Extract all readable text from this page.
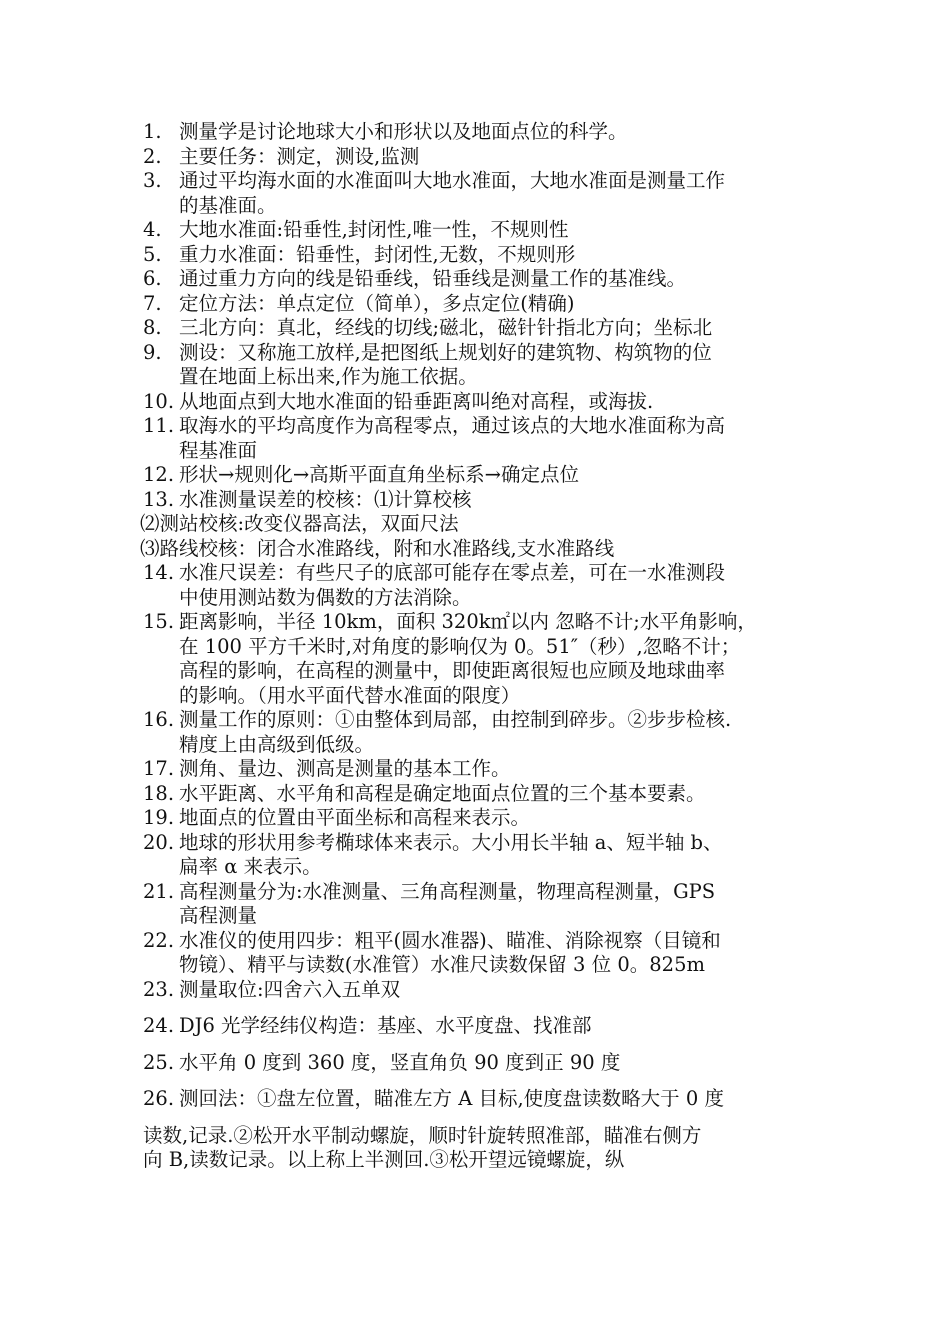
1. 测量学是讨论地球大小和形状以及地面点位的科学。
2. 主要任务：测定，测设,监测
3. 通过平均海水面的水准面叫大地水准面，大地水准面是测量工作
的基准面。
4. 大地水准面:铅垂性,封闭性,唯一性，不规则性
5. 重力水准面：铅垂性，封闭性,无数，不规则形
6. 通过重力方向的线是铅垂线，铅垂线是测量工作的基准线。
7. 定位方法：单点定位（简单），多点定位(精确)
8. 三北方向：真北，经线的切线;磁北，磁针针指北方向；坐标北
9. 测设：又称施工放样,是把图纸上规划好的建筑物、构筑物的位
置在地面上标出来,作为施工依据。
10. 从地面点到大地水准面的铅垂距离叫绝对高程，或海拔.
11. 取海水的平均高度作为高程零点，通过该点的大地水准面称为高
程基准面
12. 形状→规则化→高斯平面直角坐标系→确定点位
13. 水准测量误差的校核：⑴计算校核
⑵测站校核:改变仪器高法，双面尺法
⑶路线校核：闭合水准路线，附和水准路线,支水准路线
14. 水准尺误差：有些尺子的底部可能存在零点差，可在一水准测段
中使用测站数为偶数的方法消除。
15. 距离影响，半径 10km，面积 320k㎡以内 忽略不计;水平角影响，
在 100 平方千米时,对角度的影响仅为 0。51″（秒）,忽略不计；
高程的影响，在高程的测量中，即使距离很短也应顾及地球曲率
的影响。（用水平面代替水准面的限度）
16. 测量工作的原则：①由整体到局部，由控制到碎步。②步步检核.
精度上由高级到低级。
17. 测角、量边、测高是测量的基本工作。
18. 水平距离、水平角和高程是确定地面点位置的三个基本要素。
19. 地面点的位置由平面坐标和高程来表示。
20. 地球的形状用参考椭球体来表示。大小用长半轴 a、短半轴 b、
扁率 α 来表示。
21. 高程测量分为:水准测量、三角高程测量，物理高程测量，GPS
高程测量
22. 水准仪的使用四步：粗平(圆水准器)、瞄准、消除视察（目镜和
物镜）、精平与读数(水准管）水准尺读数保留 3 位 0。825m
23. 测量取位:四舍六入五单双
24. DJ6 光学经纬仪构造：基座、水平度盘、找准部
25. 水平角 0 度到 360 度，竖直角负 90 度到正 90 度
26. 测回法：①盘左位置，瞄准左方 A 目标,使度盘读数略大于 0 度
读数,记录.②松开水平制动螺旋，顺时针旋转照准部，瞄准右侧方
向 B,读数记录。以上称上半测回.③松开望远镜螺旋，纵
